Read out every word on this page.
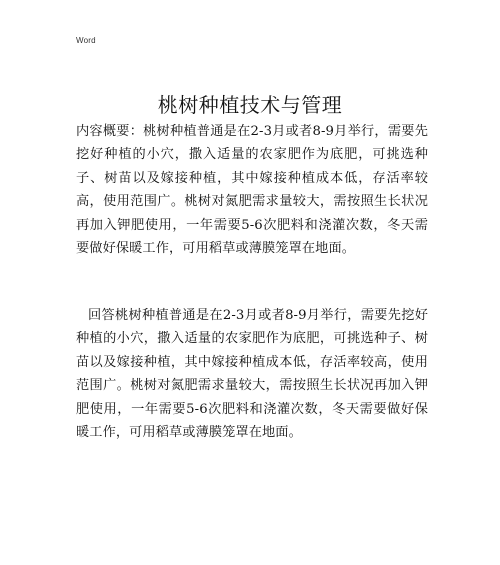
Word
桃树种植技术与管理

内容概要：桃树种植普通是在2-3月或者8-9月举行，需要先挖好种植的小穴，撒入适量的农家肥作为底肥，可挑选种子、树苗以及嫁接种植，其中嫁接种植成本低，存活率较高，使用范围广。桃树对氮肥需求量较大，需按照生长状况再加入钾肥使用，一年需要5-6次肥料和浇灌次数，冬天需要做好保暖工作，可用稻草或薄膜笼罩在地面。

回答桃树种植普通是在2-3月或者8-9月举行，需要先挖好种植的小穴，撒入适量的农家肥作为底肥，可挑选种子、树苗以及嫁接种植，其中嫁接种植成本低，存活率较高，使用范围广。桃树对氮肥需求量较大，需按照生长状况再加入钾肥使用，一年需要5-6次肥料和浇灌次数，冬天需要做好保暖工作，可用稻草或薄膜笼罩在地面。
